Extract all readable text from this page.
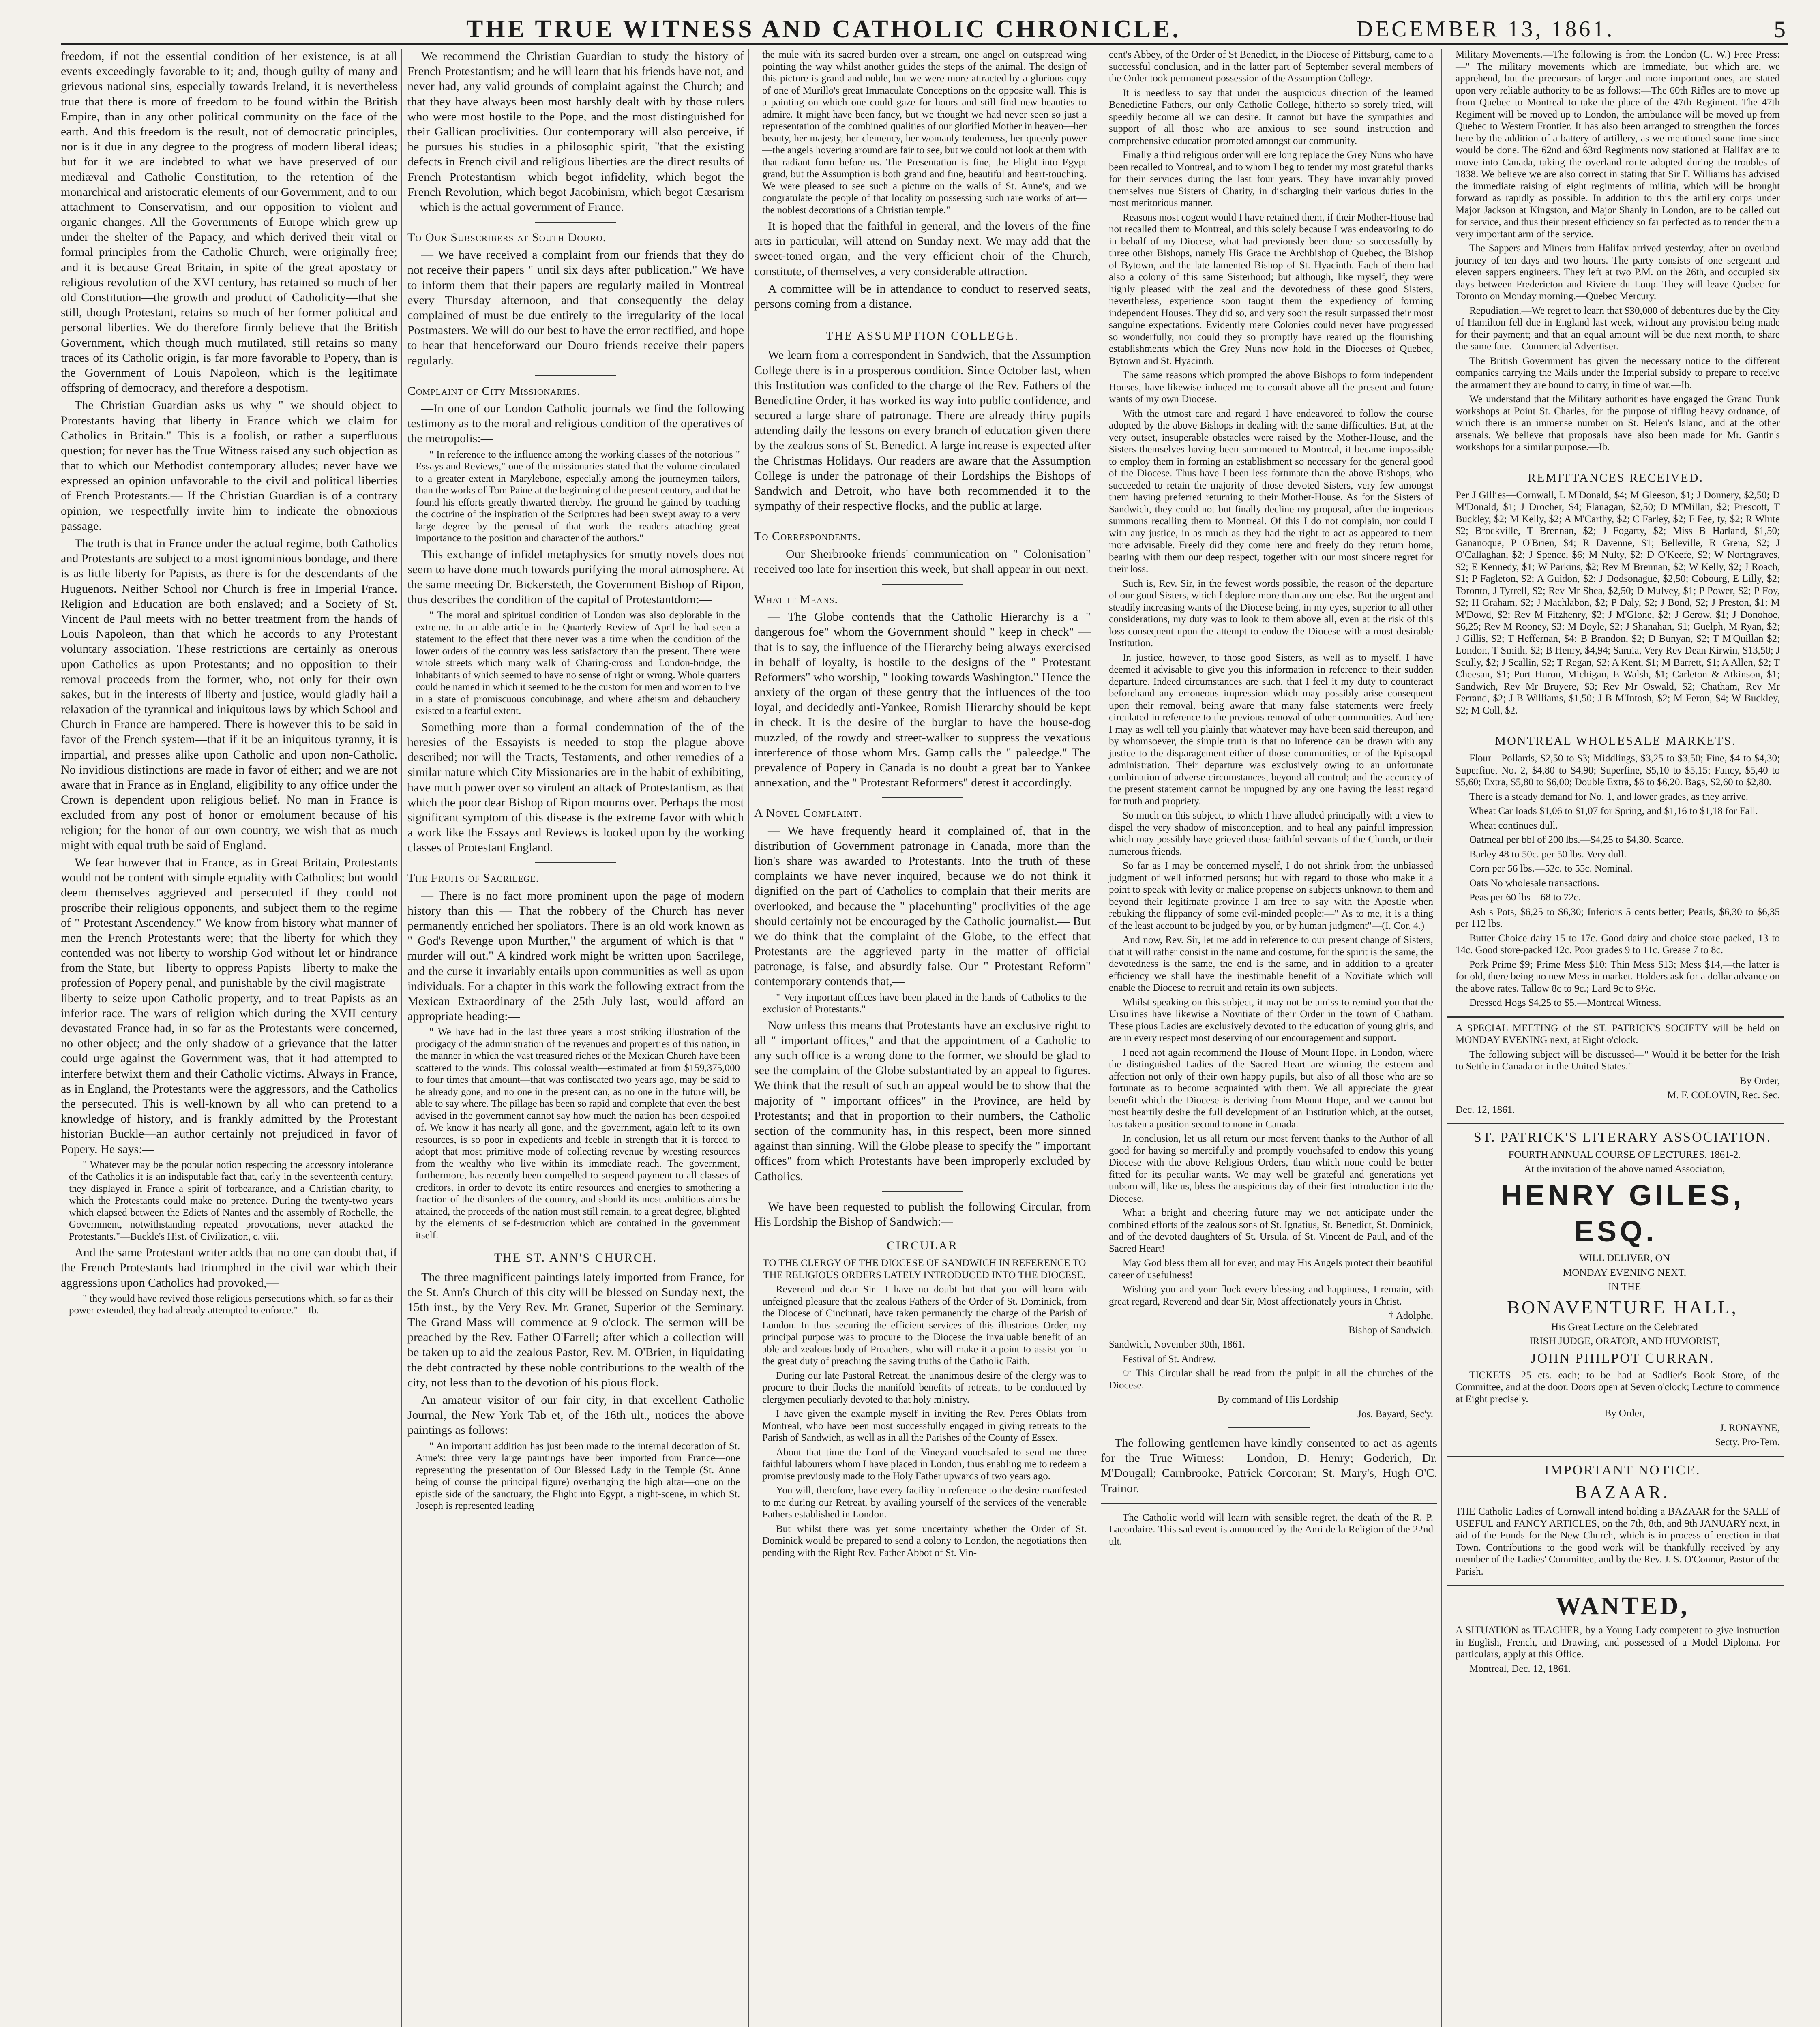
THE TRUE WITNESS AND CATHOLIC CHRONICLE.	DECEMBER 13, 1861.	5

freedom, if not the essential condition of her existence, is at all events exceedingly favorable to it; and, though guilty of many and grievous national sins, especially towards Ireland, it is nevertheless true that there is more of freedom to be found within the British Empire, than in any other political community on the face of the earth. And this freedom is the result, not of democratic principles, nor is it due in any degree to the progress of modern liberal ideas; but for it we are indebted to what we have preserved of our mediæval and Catholic Constitution, to the retention of the monarchical and aristocratic elements of our Government, and to our attachment to Conservatism, and our opposition to violent and organic changes. All the Governments of Europe which grew up under the shelter of the Papacy, and which derived their vital or formal principles from the Catholic Church, were originally free; and it is because Great Britain, in spite of the great apostacy or religious revolution of the XVI century, has retained so much of her old Constitution—the growth and product of Catholicity—that she still, though Protestant, retains so much of her former political and personal liberties. We do therefore firmly believe that the British Government, which though much mutilated, still retains so many traces of its Catholic origin, is far more favorable to Popery, than is the Government of Louis Napoleon, which is the legitimate offspring of democracy, and therefore a despotism.

The Christian Guardian asks us why " we should object to Protestants having that liberty in France which we claim for Catholics in Britain." This is a foolish, or rather a superfluous question; for never has the True Witness raised any such objection as that to which our Methodist contemporary alludes; never have we expressed an opinion unfavorable to the civil and political liberties of French Protestants.— If the Christian Guardian is of a contrary opinion, we respectfully invite him to indicate the obnoxious passage.

The truth is that in France under the actual regime, both Catholics and Protestants are subject to a most ignominious bondage, and there is as little liberty for Papists, as there is for the descendants of the Huguenots. Neither School nor Church is free in Imperial France. Religion and Education are both enslaved; and a Society of St. Vincent de Paul meets with no better treatment from the hands of Louis Napoleon, than that which he accords to any Protestant voluntary association. These restrictions are certainly as onerous upon Catholics as upon Protestants; and no opposition to their removal proceeds from the former, who, not only for their own sakes, but in the interests of liberty and justice, would gladly hail a relaxation of the tyrannical and iniquitous laws by which School and Church in France are hampered. There is however this to be said in favor of the French system—that if it be an iniquitous tyranny, it is impartial, and presses alike upon Catholic and upon non-Catholic. No invidious distinctions are made in favor of either; and we are not aware that in France as in England, eligibility to any office under the Crown is dependent upon religious belief. No man in France is excluded from any post of honor or emolument because of his religion; for the honor of our own country, we wish that as much might with equal truth be said of England.

We fear however that in France, as in Great Britain, Protestants would not be content with simple equality with Catholics; but would deem themselves aggrieved and persecuted if they could not proscribe their religious opponents, and subject them to the regime of " Protestant Ascendency." We know from history what manner of men the French Protestants were; that the liberty for which they contended was not liberty to worship God without let or hindrance from the State, but—liberty to oppress Papists—liberty to make the profession of Popery penal, and punishable by the civil magistrate—liberty to seize upon Catholic property, and to treat Papists as an inferior race. The wars of religion which during the XVII century devastated France had, in so far as the Protestants were concerned, no other object; and the only shadow of a grievance that the latter could urge against the Government was, that it had attempted to interfere betwixt them and their Catholic victims. Always in France, as in England, the Protestants were the aggressors, and the Catholics the persecuted. This is well-known by all who can pretend to a knowledge of history, and is frankly admitted by the Protestant historian Buckle—an author certainly not prejudiced in favor of Popery. He says:—

" Whatever may be the popular notion respecting the accessory intolerance of the Catholics it is an indisputable fact that, early in the seventeenth century, they displayed in France a spirit of forbearance, and a Christian charity, to which the Protestants could make no pretence. During the twenty-two years which elapsed between the Edicts of Nantes and the assembly of Rochelle, the Government, notwithstanding repeated provocations, never attacked the Protestants."—Buckle's Hist. of Civilization, c. viii.

And the same Protestant writer adds that no one can doubt that, if the French Protestants had triumphed in the civil war which their aggressions upon Catholics had provoked,—

" they would have revived those religious persecutions which, so far as their power extended, they had already attempted to enforce."—Ib.

We recommend the Christian Guardian to study the history of French Protestantism; and he will learn that his friends have not, and never had, any valid grounds of complaint against the Church; and that they have always been most harshly dealt with by those rulers who were most hostile to the Pope, and the most distinguished for their Gallican proclivities. Our contemporary will also perceive, if he pursues his studies in a philosophic spirit, "that the existing defects in French civil and religious liberties are the direct results of French Protestantism—which begot infidelity, which begot the French Revolution, which begot Jacobinism, which begot Cæsarism—which is the actual government of France.

To Our Subscribers at South Douro.

— We have received a complaint from our friends that they do not receive their papers " until six days after publication." We have to inform them that their papers are regularly mailed in Montreal every Thursday afternoon, and that consequently the delay complained of must be due entirely to the irregularity of the local Postmasters. We will do our best to have the error rectified, and hope to hear that henceforward our Douro friends receive their papers regularly.

Complaint of City Missionaries.

—In one of our London Catholic journals we find the following testimony as to the moral and religious condition of the operatives of the metropolis:—

" In reference to the influence among the working classes of the notorious " Essays and Reviews," one of the missionaries stated that the volume circulated to a greater extent in Marylebone, especially among the journeymen tailors, than the works of Tom Paine at the beginning of the present century, and that he found his efforts greatly thwarted thereby. The ground he gained by teaching the doctrine of the inspiration of the Scriptures had been swept away to a very large degree by the perusal of that work—the readers attaching great importance to the position and character of the authors."

This exchange of infidel metaphysics for smutty novels does not seem to have done much towards purifying the moral atmosphere. At the same meeting Dr. Bickersteth, the Government Bishop of Ripon, thus describes the condition of the capital of Protestantdom:—

" The moral and spiritual condition of London was also deplorable in the extreme. In an able article in the Quarterly Review of April he had seen a statement to the effect that there never was a time when the condition of the lower orders of the country was less satisfactory than the present. There were whole streets which many walk of Charing-cross and London-bridge, the inhabitants of which seemed to have no sense of right or wrong. Whole quarters could be named in which it seemed to be the custom for men and women to live in a state of promiscuous concubinage, and where atheism and debauchery existed to a fearful extent.

Something more than a formal condemnation of the of the heresies of the Essayists is needed to stop the plague above described; nor will the Tracts, Testaments, and other remedies of a similar nature which City Missionaries are in the habit of exhibiting, have much power over so virulent an attack of Protestantism, as that which the poor dear Bishop of Ripon mourns over. Perhaps the most significant symptom of this disease is the extreme favor with which a work like the Essays and Reviews is looked upon by the working classes of Protestant England.

The Fruits of Sacrilege.

— There is no fact more prominent upon the page of modern history than this — That the robbery of the Church has never permanently enriched her spoliators. There is an old work known as " God's Revenge upon Murther," the argument of which is that " murder will out." A kindred work might be written upon Sacrilege, and the curse it invariably entails upon communities as well as upon individuals. For a chapter in this work the following extract from the Mexican Extraordinary of the 25th July last, would afford an appropriate heading:—

" We have had in the last three years a most striking illustration of the prodigacy of the administration of the revenues and properties of this nation, in the manner in which the vast treasured riches of the Mexican Church have been scattered to the winds. This colossal wealth—estimated at from $159,375,000 to four times that amount—that was confiscated two years ago, may be said to be already gone, and no one in the present can, as no one in the future will, be able to say where. The pillage has been so rapid and complete that even the best advised in the government cannot say how much the nation has been despoiled of. We know it has nearly all gone, and the government, again left to its own resources, is so poor in expedients and feeble in strength that it is forced to adopt that most primitive mode of collecting revenue by wresting resources from the wealthy who live within its immediate reach. The government, furthermore, has recently been compelled to suspend payment to all classes of creditors, in order to devote its entire resources and energies to smothering a fraction of the disorders of the country, and should its most ambitious aims be attained, the proceeds of the nation must still remain, to a great degree, blighted by the elements of self-destruction which are contained in the government itself.

THE ST. ANN'S CHURCH.

The three magnificent paintings lately imported from France, for the St. Ann's Church of this city will be blessed on Sunday next, the 15th inst., by the Very Rev. Mr. Granet, Superior of the Seminary. The Grand Mass will commence at 9 o'clock. The sermon will be preached by the Rev. Father O'Farrell; after which a collection will be taken up to aid the zealous Pastor, Rev. M. O'Brien, in liquidating the debt contracted by these noble contributions to the wealth of the city, not less than to the devotion of his pious flock.

An amateur visitor of our fair city, in that excellent Catholic Journal, the New York Tab et, of the 16th ult., notices the above paintings as follows:—

" An important addition has just been made to the internal decoration of St. Anne's: three very large paintings have been imported from France—one representing the presentation of Our Blessed Lady in the Temple (St. Anne being of course the principal figure) overhanging the high altar—one on the epistle side of the sanctuary, the Flight into Egypt, a night-scene, in which St. Joseph is represented leading

the mule with its sacred burden over a stream, one angel on outspread wing pointing the way whilst another guides the steps of the animal. The design of this picture is grand and noble, but we were more attracted by a glorious copy of one of Murillo's great Immaculate Conceptions on the opposite wall. This is a painting on which one could gaze for hours and still find new beauties to admire. It might have been fancy, but we thought we had never seen so just a representation of the combined qualities of our glorified Mother in heaven—her beauty, her majesty, her clemency, her womanly tenderness, her queenly power—the angels hovering around are fair to see, but we could not look at them with that radiant form before us. The Presentation is fine, the Flight into Egypt grand, but the Assumption is both grand and fine, beautiful and heart-touching. We were pleased to see such a picture on the walls of St. Anne's, and we congratulate the people of that locality on possessing such rare works of art—the noblest decorations of a Christian temple."

It is hoped that the faithful in general, and the lovers of the fine arts in particular, will attend on Sunday next. We may add that the sweet-toned organ, and the very efficient choir of the Church, constitute, of themselves, a very considerable attraction.

A committee will be in attendance to conduct to reserved seats, persons coming from a distance.

THE ASSUMPTION COLLEGE.

We learn from a correspondent in Sandwich, that the Assumption College there is in a prosperous condition. Since October last, when this Institution was confided to the charge of the Rev. Fathers of the Benedictine Order, it has worked its way into public confidence, and secured a large share of patronage. There are already thirty pupils attending daily the lessons on every branch of education given there by the zealous sons of St. Benedict. A large increase is expected after the Christmas Holidays. Our readers are aware that the Assumption College is under the patronage of their Lordships the Bishops of Sandwich and Detroit, who have both recommended it to the sympathy of their respective flocks, and the public at large.

To Correspondents.

— Our Sherbrooke friends' communication on " Colonisation" received too late for insertion this week, but shall appear in our next.

What it Means.

— The Globe contends that the Catholic Hierarchy is a " dangerous foe" whom the Government should " keep in check" — that is to say, the influence of the Hierarchy being always exercised in behalf of loyalty, is hostile to the designs of the " Protestant Reformers" who worship, " looking towards Washington." Hence the anxiety of the organ of these gentry that the influences of the too loyal, and decidedly anti-Yankee, Romish Hierarchy should be kept in check. It is the desire of the burglar to have the house-dog muzzled, of the rowdy and street-walker to suppress the vexatious interference of those whom Mrs. Gamp calls the " paleedge." The prevalence of Popery in Canada is no doubt a great bar to Yankee annexation, and the " Protestant Reformers" detest it accordingly.

A Novel Complaint.

— We have frequently heard it complained of, that in the distribution of Government patronage in Canada, more than the lion's share was awarded to Protestants. Into the truth of these complaints we have never inquired, because we do not think it dignified on the part of Catholics to complain that their merits are overlooked, and because the " placehunting" proclivities of the age should certainly not be encouraged by the Catholic journalist.— But we do think that the complaint of the Globe, to the effect that Protestants are the aggrieved party in the matter of official patronage, is false, and absurdly false. Our " Protestant Reform" contemporary contends that,—

" Very important offices have been placed in the hands of Catholics to the exclusion of Protestants."

Now unless this means that Protestants have an exclusive right to all " important offices," and that the appointment of a Catholic to any such office is a wrong done to the former, we should be glad to see the complaint of the Globe substantiated by an appeal to figures. We think that the result of such an appeal would be to show that the majority of " important offices" in the Province, are held by Protestants; and that in proportion to their numbers, the Catholic section of the community has, in this respect, been more sinned against than sinning. Will the Globe please to specify the " important offices" from which Protestants have been improperly excluded by Catholics.

We have been requested to publish the following Circular, from His Lordship the Bishop of Sandwich:—

CIRCULAR

TO THE CLERGY OF THE DIOCESE OF SANDWICH IN REFERENCE TO THE RELIGIOUS ORDERS LATELY INTRODUCED INTO THE DIOCESE.

Reverend and dear Sir—I have no doubt but that you will learn with unfeigned pleasure that the zealous Fathers of the Order of St. Dominick, from the Diocese of Cincinnati, have taken permanently the charge of the Parish of London. In thus securing the efficient services of this illustrious Order, my principal purpose was to procure to the Diocese the invaluable benefit of an able and zealous body of Preachers, who will make it a point to assist you in the great duty of preaching the saving truths of the Catholic Faith.

During our late Pastoral Retreat, the unanimous desire of the clergy was to procure to their flocks the manifold benefits of retreats, to be conducted by clergymen peculiarly devoted to that holy ministry.

I have given the example myself in inviting the Rev. Peres Oblats from Montreal, who have been most successfully engaged in giving retreats to the Parish of Sandwich, as well as in all the Parishes of the County of Essex.

About that time the Lord of the Vineyard vouchsafed to send me three faithful labourers whom I have placed in London, thus enabling me to redeem a promise previously made to the Holy Father upwards of two years ago.

You will, therefore, have every facility in reference to the desire manifested to me during our Retreat, by availing yourself of the services of the venerable Fathers established in London.

But whilst there was yet some uncertainty whether the Order of St. Dominick would be prepared to send a colony to London, the negotiations then pending with the Right Rev. Father Abbot of St. Vin-

cent's Abbey, of the Order of St Benedict, in the Diocese of Pittsburg, came to a successful conclusion, and in the latter part of September several members of the Order took permanent possession of the Assumption College.

It is needless to say that under the auspicious direction of the learned Benedictine Fathers, our only Catholic College, hitherto so sorely tried, will speedily become all we can desire. It cannot but have the sympathies and support of all those who are anxious to see sound instruction and comprehensive education promoted amongst our community.

Finally a third religious order will ere long replace the Grey Nuns who have been recalled to Montreal, and to whom I beg to tender my most grateful thanks for their services during the last four years. They have invariably proved themselves true Sisters of Charity, in discharging their various duties in the most meritorious manner.

Reasons most cogent would I have retained them, if their Mother-House had not recalled them to Montreal, and this solely because I was endeavoring to do in behalf of my Diocese, what had previously been done so successfully by three other Bishops, namely His Grace the Archbishop of Quebec, the Bishop of Bytown, and the late lamented Bishop of St. Hyacinth. Each of them had also a colony of this same Sisterhood; but although, like myself, they were highly pleased with the zeal and the devotedness of these good Sisters, nevertheless, experience soon taught them the expediency of forming independent Houses. They did so, and very soon the result surpassed their most sanguine expectations. Evidently mere Colonies could never have progressed so wonderfully, nor could they so promptly have reared up the flourishing establishments which the Grey Nuns now hold in the Dioceses of Quebec, Bytown and St. Hyacinth.

The same reasons which prompted the above Bishops to form independent Houses, have likewise induced me to consult above all the present and future wants of my own Diocese.

With the utmost care and regard I have endeavored to follow the course adopted by the above Bishops in dealing with the same difficulties. But, at the very outset, insuperable obstacles were raised by the Mother-House, and the Sisters themselves having been summoned to Montreal, it became impossible to employ them in forming an establishment so necessary for the general good of the Diocese. Thus have I been less fortunate than the above Bishops, who succeeded to retain the majority of those devoted Sisters, very few amongst them having preferred returning to their Mother-House. As for the Sisters of Sandwich, they could not but finally decline my proposal, after the imperious summons recalling them to Montreal. Of this I do not complain, nor could I with any justice, in as much as they had the right to act as appeared to them more advisable. Freely did they come here and freely do they return home, bearing with them our deep respect, together with our most sincere regret for their loss.

Such is, Rev. Sir, in the fewest words possible, the reason of the departure of our good Sisters, which I deplore more than any one else. But the urgent and steadily increasing wants of the Diocese being, in my eyes, superior to all other considerations, my duty was to look to them above all, even at the risk of this loss consequent upon the attempt to endow the Diocese with a most desirable Institution.

In justice, however, to those good Sisters, as well as to myself, I have deemed it advisable to give you this information in reference to their sudden departure. Indeed circumstances are such, that I feel it my duty to counteract beforehand any erroneous impression which may possibly arise consequent upon their removal, being aware that many false statements were freely circulated in reference to the previous removal of other communities. And here I may as well tell you plainly that whatever may have been said thereupon, and by whomsoever, the simple truth is that no inference can be drawn with any justice to the disparagement either of those communities, or of the Episcopal administration. Their departure was exclusively owing to an unfortunate combination of adverse circumstances, beyond all control; and the accuracy of the present statement cannot be impugned by any one having the least regard for truth and propriety.

So much on this subject, to which I have alluded principally with a view to dispel the very shadow of misconception, and to heal any painful impression which may possibly have grieved those faithful servants of the Church, or their numerous friends.

So far as I may be concerned myself, I do not shrink from the unbiassed judgment of well informed persons; but with regard to those who make it a point to speak with levity or malice propense on subjects unknown to them and beyond their legitimate province I am free to say with the Apostle when rebuking the flippancy of some evil-minded people:—" As to me, it is a thing of the least account to be judged by you, or by human judgment"—(I. Cor. 4.)

And now, Rev. Sir, let me add in reference to our present change of Sisters, that it will rather consist in the name and costume, for the spirit is the same, the devotedness is the same, the end is the same, and in addition to a greater efficiency we shall have the inestimable benefit of a Novitiate which will enable the Diocese to recruit and retain its own subjects.

Whilst speaking on this subject, it may not be amiss to remind you that the Ursulines have likewise a Novitiate of their Order in the town of Chatham. These pious Ladies are exclusively devoted to the education of young girls, and are in every respect most deserving of our encouragement and support.

I need not again recommend the House of Mount Hope, in London, where the distinguished Ladies of the Sacred Heart are winning the esteem and affection not only of their own happy pupils, but also of all those who are so fortunate as to become acquainted with them. We all appreciate the great benefit which the Diocese is deriving from Mount Hope, and we cannot but most heartily desire the full development of an Institution which, at the outset, has taken a position second to none in Canada.

In conclusion, let us all return our most fervent thanks to the Author of all good for having so mercifully and promptly vouchsafed to endow this young Diocese with the above Religious Orders, than which none could be better fitted for its peculiar wants. We may well be grateful and generations yet unborn will, like us, bless the auspicious day of their first introduction into the Diocese.

What a bright and cheering future may we not anticipate under the combined efforts of the zealous sons of St. Ignatius, St. Benedict, St. Dominick, and of the devoted daughters of St. Ursula, of St. Vincent de Paul, and of the Sacred Heart!

May God bless them all for ever, and may His Angels protect their beautiful career of usefulness!

Wishing you and your flock every blessing and happiness, I remain, with great regard, Reverend and dear Sir, Most affectionately yours in Christ.

† Adolphe,

Bishop of Sandwich.

Sandwich, November 30th, 1861.

Festival of St. Andrew.

☞ This Circular shall be read from the pulpit in all the churches of the Diocese.

By command of His Lordship

Jos. Bayard, Sec'y.

The following gentlemen have kindly consented to act as agents for the True Witness:— London, D. Henry; Goderich, Dr. M'Dougall; Carnbrooke, Patrick Corcoran; St. Mary's, Hugh O'C. Trainor.

The Catholic world will learn with sensible regret, the death of the R. P. Lacordaire. This sad event is announced by the Ami de la Religion of the 22nd ult.

Military Movements.—The following is from the London (C. W.) Free Press:—" The military movements which are immediate, but which are, we apprehend, but the precursors of larger and more important ones, are stated upon very reliable authority to be as follows:—The 60th Rifles are to move up from Quebec to Montreal to take the place of the 47th Regiment. The 47th Regiment will be moved up to London, the ambulance will be moved up from Quebec to Western Frontier. It has also been arranged to strengthen the forces here by the addition of a battery of artillery, as we mentioned some time since would be done. The 62nd and 63rd Regiments now stationed at Halifax are to move into Canada, taking the overland route adopted during the troubles of 1838. We believe we are also correct in stating that Sir F. Williams has advised the immediate raising of eight regiments of militia, which will be brought forward as rapidly as possible. In addition to this the artillery corps under Major Jackson at Kingston, and Major Shanly in London, are to be called out for service, and thus their present efficiency so far perfected as to render them a very important arm of the service.

The Sappers and Miners from Halifax arrived yesterday, after an overland journey of ten days and two hours. The party consists of one sergeant and eleven sappers engineers. They left at two P.M. on the 26th, and occupied six days between Fredericton and Riviere du Loup. They will leave Quebec for Toronto on Monday morning.—Quebec Mercury.

Repudiation.—We regret to learn that $30,000 of debentures due by the City of Hamilton fell due in England last week, without any provision being made for their payment; and that an equal amount will be due next month, to share the same fate.—Commercial Advertiser.

The British Government has given the necessary notice to the different companies carrying the Mails under the Imperial subsidy to prepare to receive the armament they are bound to carry, in time of war.—Ib.

We understand that the Military authorities have engaged the Grand Trunk workshops at Point St. Charles, for the purpose of rifling heavy ordnance, of which there is an immense number on St. Helen's Island, and at the other arsenals. We believe that proposals have also been made for Mr. Gantin's workshops for a similar purpose.—Ib.

REMITTANCES RECEIVED.

Per J Gillies—Cornwall, L M'Donald, $4; M Gleeson, $1; J Donnery, $2,50; D M'Donald, $1; J Drocher, $4; Flanagan, $2,50; D M'Millan, $2; Prescott, T Buckley, $2; M Kelly, $2; A M'Carthy, $2; C Farley, $2; F Fee, ty, $2; R White $2; Brockville, T Brennan, $2; J Fogarty, $2; Miss B Harland, $1,50; Gananoque, P O'Brien, $4; R Davenne, $1; Belleville, R Grena, $2; J O'Callaghan, $2; J Spence, $6; M Nulty, $2; D O'Keefe, $2; W Northgraves, $2; E Kennedy, $1; W Parkins, $2; Rev M Brennan, $2; W Kelly, $2; J Roach, $1; P Fagleton, $2; A Guidon, $2; J Dodsonague, $2,50; Cobourg, E Lilly, $2; Toronto, J Tyrrell, $2; Rev Mr Shea, $2,50; D Mulvey, $1; P Power, $2; P Foy, $2; H Graham, $2; J Machlabon, $2; P Daly, $2; J Bond, $2; J Preston, $1; M M'Dowd, $2; Rev M Fitzhenry, $2; J M'Glone, $2; J Gerow, $1; J Donohoe, $6,25; Rev M Rooney, $3; M Doyle, $2; J Shanahan, $1; Guelph, M Ryan, $2; J Gillis, $2; T Heffernan, $4; B Brandon, $2; D Bunyan, $2; T M'Quillan $2; London, T Smith, $2; B Henry, $4,94; Sarnia, Very Rev Dean Kirwin, $13,50; J Scully, $2; J Scallin, $2; T Regan, $2; A Kent, $1; M Barrett, $1; A Allen, $2; T Cheesan, $1; Port Huron, Michigan, E Walsh, $1; Carleton & Atkinson, $1; Sandwich, Rev Mr Bruyere, $3; Rev Mr Oswald, $2; Chatham, Rev Mr Ferrand, $2; J B Williams, $1,50; J B M'Intosh, $2; M Feron, $4; W Buckley, $2; M Coll, $2.

MONTREAL WHOLESALE MARKETS.

Flour—Pollards, $2,50 to $3; Middlings, $3,25 to $3,50; Fine, $4 to $4,30; Superfine, No. 2, $4,80 to $4,90; Superfine, $5,10 to $5,15; Fancy, $5,40 to $5,60; Extra, $5,80 to $6,00; Double Extra, $6 to $6,20. Bags, $2,60 to $2,80.

There is a steady demand for No. 1, and lower grades, as they arrive.

Wheat Car loads $1,06 to $1,07 for Spring, and $1,16 to $1,18 for Fall.

Wheat continues dull.

Oatmeal per bbl of 200 lbs.—$4,25 to $4,30. Scarce.

Barley 48 to 50c. per 50 lbs. Very dull.

Corn per 56 lbs.—52c. to 55c. Nominal.

Oats No wholesale transactions.

Peas per 60 lbs—68 to 72c.

Ash s Pots, $6,25 to $6,30; Inferiors 5 cents better; Pearls, $6,30 to $6,35 per 112 lbs.

Butter Choice dairy 15 to 17c. Good dairy and choice store-packed, 13 to 14c. Good store-packed 12c. Poor grades 9 to 11c. Grease 7 to 8c.

Pork Prime $9; Prime Mess $10; Thin Mess $13; Mess $14,—the latter is for old, there being no new Mess in market. Holders ask for a dollar advance on the above rates. Tallow 8c to 9c.; Lard 9c to 9½c.

Dressed Hogs $4,25 to $5.—Montreal Witness.

A SPECIAL MEETING of the ST. PATRICK'S SOCIETY will be held on MONDAY EVENING next, at Eight o'clock.

The following subject will be discussed—" Would it be better for the Irish to Settle in Canada or in the United States."

By Order,

M. F. COLOVIN, Rec. Sec.

Dec. 12, 1861.

ST. PATRICK'S LITERARY ASSOCIATION.

FOURTH ANNUAL COURSE OF LECTURES, 1861-2.

At the invitation of the above named Association,

HENRY GILES, ESQ.

WILL DELIVER, ON

MONDAY EVENING NEXT,

IN THE

BONAVENTURE HALL,

His Great Lecture on the Celebrated

IRISH JUDGE, ORATOR, AND HUMORIST,

JOHN PHILPOT CURRAN.

TICKETS—25 cts. each; to be had at Sadlier's Book Store, of the Committee, and at the door. Doors open at Seven o'clock; Lecture to commence at Eight precisely.

By Order,

J. RONAYNE,

Secty. Pro-Tem.

IMPORTANT NOTICE.

BAZAAR.

THE Catholic Ladies of Cornwall intend holding a BAZAAR for the SALE of USEFUL and FANCY ARTICLES, on the 7th, 8th, and 9th JANUARY next, in aid of the Funds for the New Church, which is in process of erection in that Town. Contributions to the good work will be thankfully received by any member of the Ladies' Committee, and by the Rev. J. S. O'Connor, Pastor of the Parish.

WANTED,

A SITUATION as TEACHER, by a Young Lady competent to give instruction in English, French, and Drawing, and possessed of a Model Diploma. For particulars, apply at this Office.

Montreal, Dec. 12, 1861.
